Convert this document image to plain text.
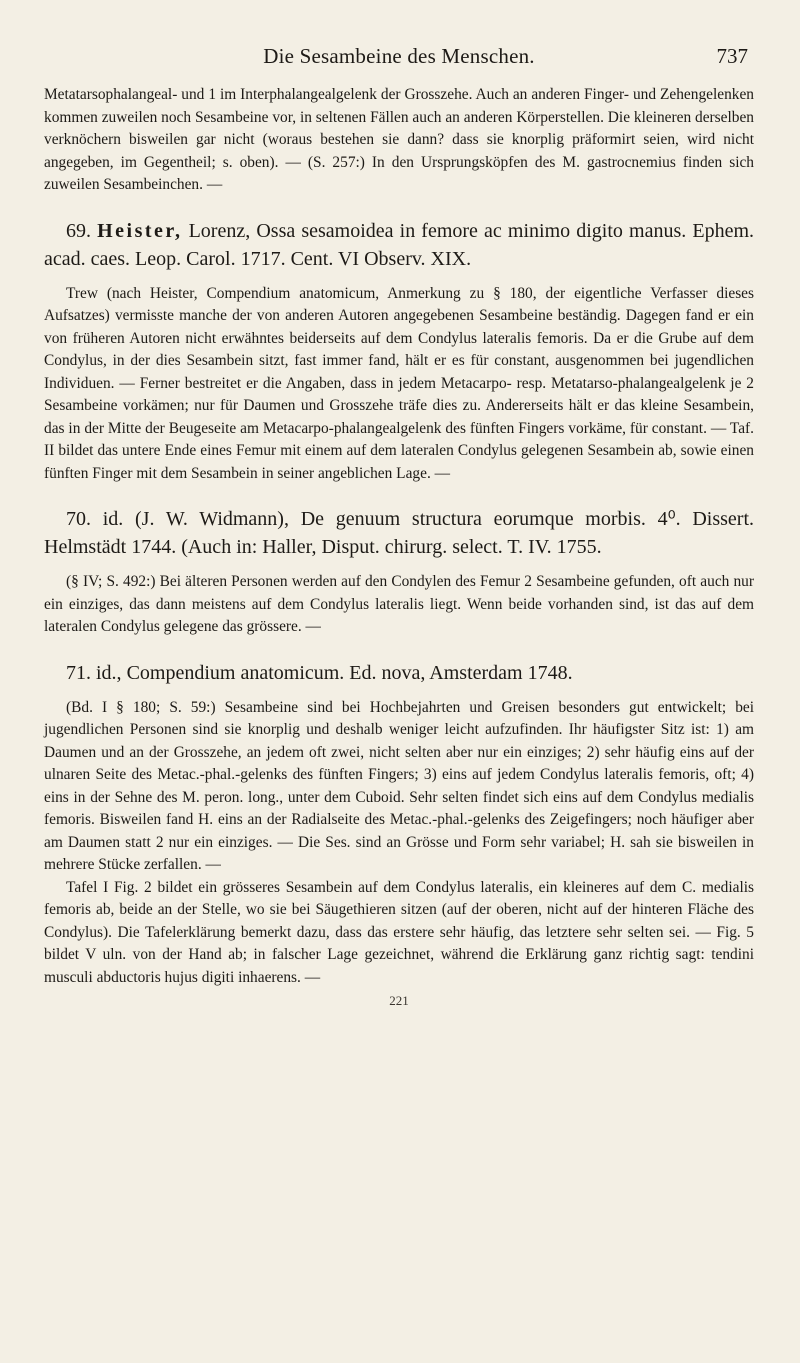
Die Sesambeine des Menschen.	737

Metatarsophalangeal- und 1 im Interphalangealgelenk der Grosszehe. Auch an anderen Finger- und Zehengelenken kommen zuweilen noch Sesambeine vor, in seltenen Fällen auch an anderen Körperstellen. Die kleineren derselben verknöchern bisweilen gar nicht (woraus bestehen sie dann? dass sie knorplig präformirt seien, wird nicht angegeben, im Gegentheil; s. oben). — (S. 257:) In den Ursprungsköpfen des M. gastrocnemius finden sich zuweilen Sesambeinchen. —

69. Heister, Lorenz, Ossa sesamoidea in femore ac minimo digito manus. Ephem. acad. caes. Leop. Carol. 1717. Cent. VI Observ. XIX.

Trew (nach Heister, Compendium anatomicum, Anmerkung zu § 180, der eigentliche Verfasser dieses Aufsatzes) vermisste manche der von anderen Autoren angegebenen Sesambeine beständig. Dagegen fand er ein von früheren Autoren nicht erwähntes beiderseits auf dem Condylus lateralis femoris. Da er die Grube auf dem Condylus, in der dies Sesambein sitzt, fast immer fand, hält er es für constant, ausgenommen bei jugendlichen Individuen. — Ferner bestreitet er die Angaben, dass in jedem Metacarpo- resp. Metatarso-phalangealgelenk je 2 Sesambeine vorkämen; nur für Daumen und Grosszehe träfe dies zu. Andererseits hält er das kleine Sesambein, das in der Mitte der Beugeseite am Metacarpo-phalangealgelenk des fünften Fingers vorkäme, für constant. — Taf. II bildet das untere Ende eines Femur mit einem auf dem lateralen Condylus gelegenen Sesambein ab, sowie einen fünften Finger mit dem Sesambein in seiner angeblichen Lage. —

70. id. (J. W. Widmann), De genuum structura eorumque morbis. 4⁰. Dissert. Helmstädt 1744. (Auch in: Haller, Disput. chirurg. select. T. IV. 1755.

(§ IV; S. 492:) Bei älteren Personen werden auf den Condylen des Femur 2 Sesambeine gefunden, oft auch nur ein einziges, das dann meistens auf dem Condylus lateralis liegt. Wenn beide vorhanden sind, ist das auf dem lateralen Condylus gelegene das grössere. —

71. id., Compendium anatomicum. Ed. nova, Amsterdam 1748.

(Bd. I § 180; S. 59:) Sesambeine sind bei Hochbejahrten und Greisen besonders gut entwickelt; bei jugendlichen Personen sind sie knorplig und deshalb weniger leicht aufzufinden. Ihr häufigster Sitz ist: 1) am Daumen und an der Grosszehe, an jedem oft zwei, nicht selten aber nur ein einziges; 2) sehr häufig eins auf der ulnaren Seite des Metac.-phal.-gelenks des fünften Fingers; 3) eins auf jedem Condylus lateralis femoris, oft; 4) eins in der Sehne des M. peron. long., unter dem Cuboid. Sehr selten findet sich eins auf dem Condylus medialis femoris. Bisweilen fand H. eins an der Radialseite des Metac.-phal.-gelenks des Zeigefingers; noch häufiger aber am Daumen statt 2 nur ein einziges. — Die Ses. sind an Grösse und Form sehr variabel; H. sah sie bisweilen in mehrere Stücke zerfallen. —

Tafel I Fig. 2 bildet ein grösseres Sesambein auf dem Condylus lateralis, ein kleineres auf dem C. medialis femoris ab, beide an der Stelle, wo sie bei Säugethieren sitzen (auf der oberen, nicht auf der hinteren Fläche des Condylus). Die Tafelerklärung bemerkt dazu, dass das erstere sehr häufig, das letztere sehr selten sei. — Fig. 5 bildet V uln. von der Hand ab; in falscher Lage gezeichnet, während die Erklärung ganz richtig sagt: tendini musculi abductoris hujus digiti inhaerens. —

221
